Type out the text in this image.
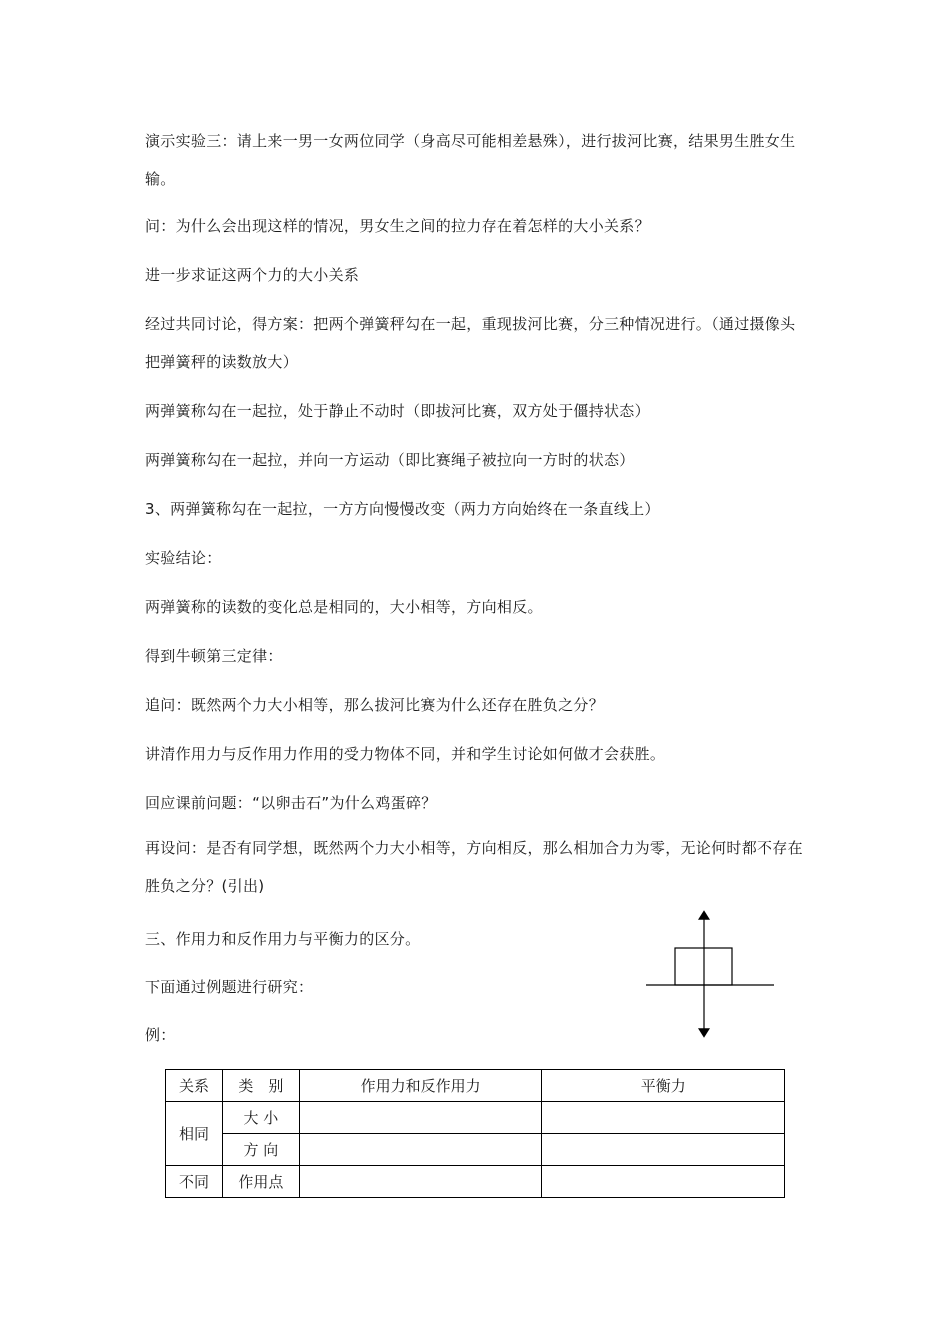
演示实验三：请上来一男一女两位同学（身高尽可能相差悬殊），进行拔河比赛，结果男生胜女生输。

问：为什么会出现这样的情况，男女生之间的拉力存在着怎样的大小关系？

进一步求证这两个力的大小关系

经过共同讨论，得方案：把两个弹簧秤勾在一起，重现拔河比赛，分三种情况进行。（通过摄像头把弹簧秤的读数放大）

两弹簧称勾在一起拉，处于静止不动时（即拔河比赛，双方处于僵持状态）

两弹簧称勾在一起拉，并向一方运动（即比赛绳子被拉向一方时的状态）

3、两弹簧称勾在一起拉，一方方向慢慢改变（两力方向始终在一条直线上）

实验结论：

两弹簧称的读数的变化总是相同的，大小相等，方向相反。

得到牛顿第三定律：

追问：既然两个力大小相等，那么拔河比赛为什么还存在胜负之分？

讲清作用力与反作用力作用的受力物体不同，并和学生讨论如何做才会获胜。

回应课前问题：“以卵击石”为什么鸡蛋碎？

再设问：是否有同学想，既然两个力大小相等，方向相反，那么相加合力为零，无论何时都不存在胜负之分？(引出)

三、作用力和反作用力与平衡力的区分。

下面通过例题进行研究：

例：

关系	类　别	作用力和反作用力	平衡力
相同	大 小		
	方 向		
不同	作用点		
